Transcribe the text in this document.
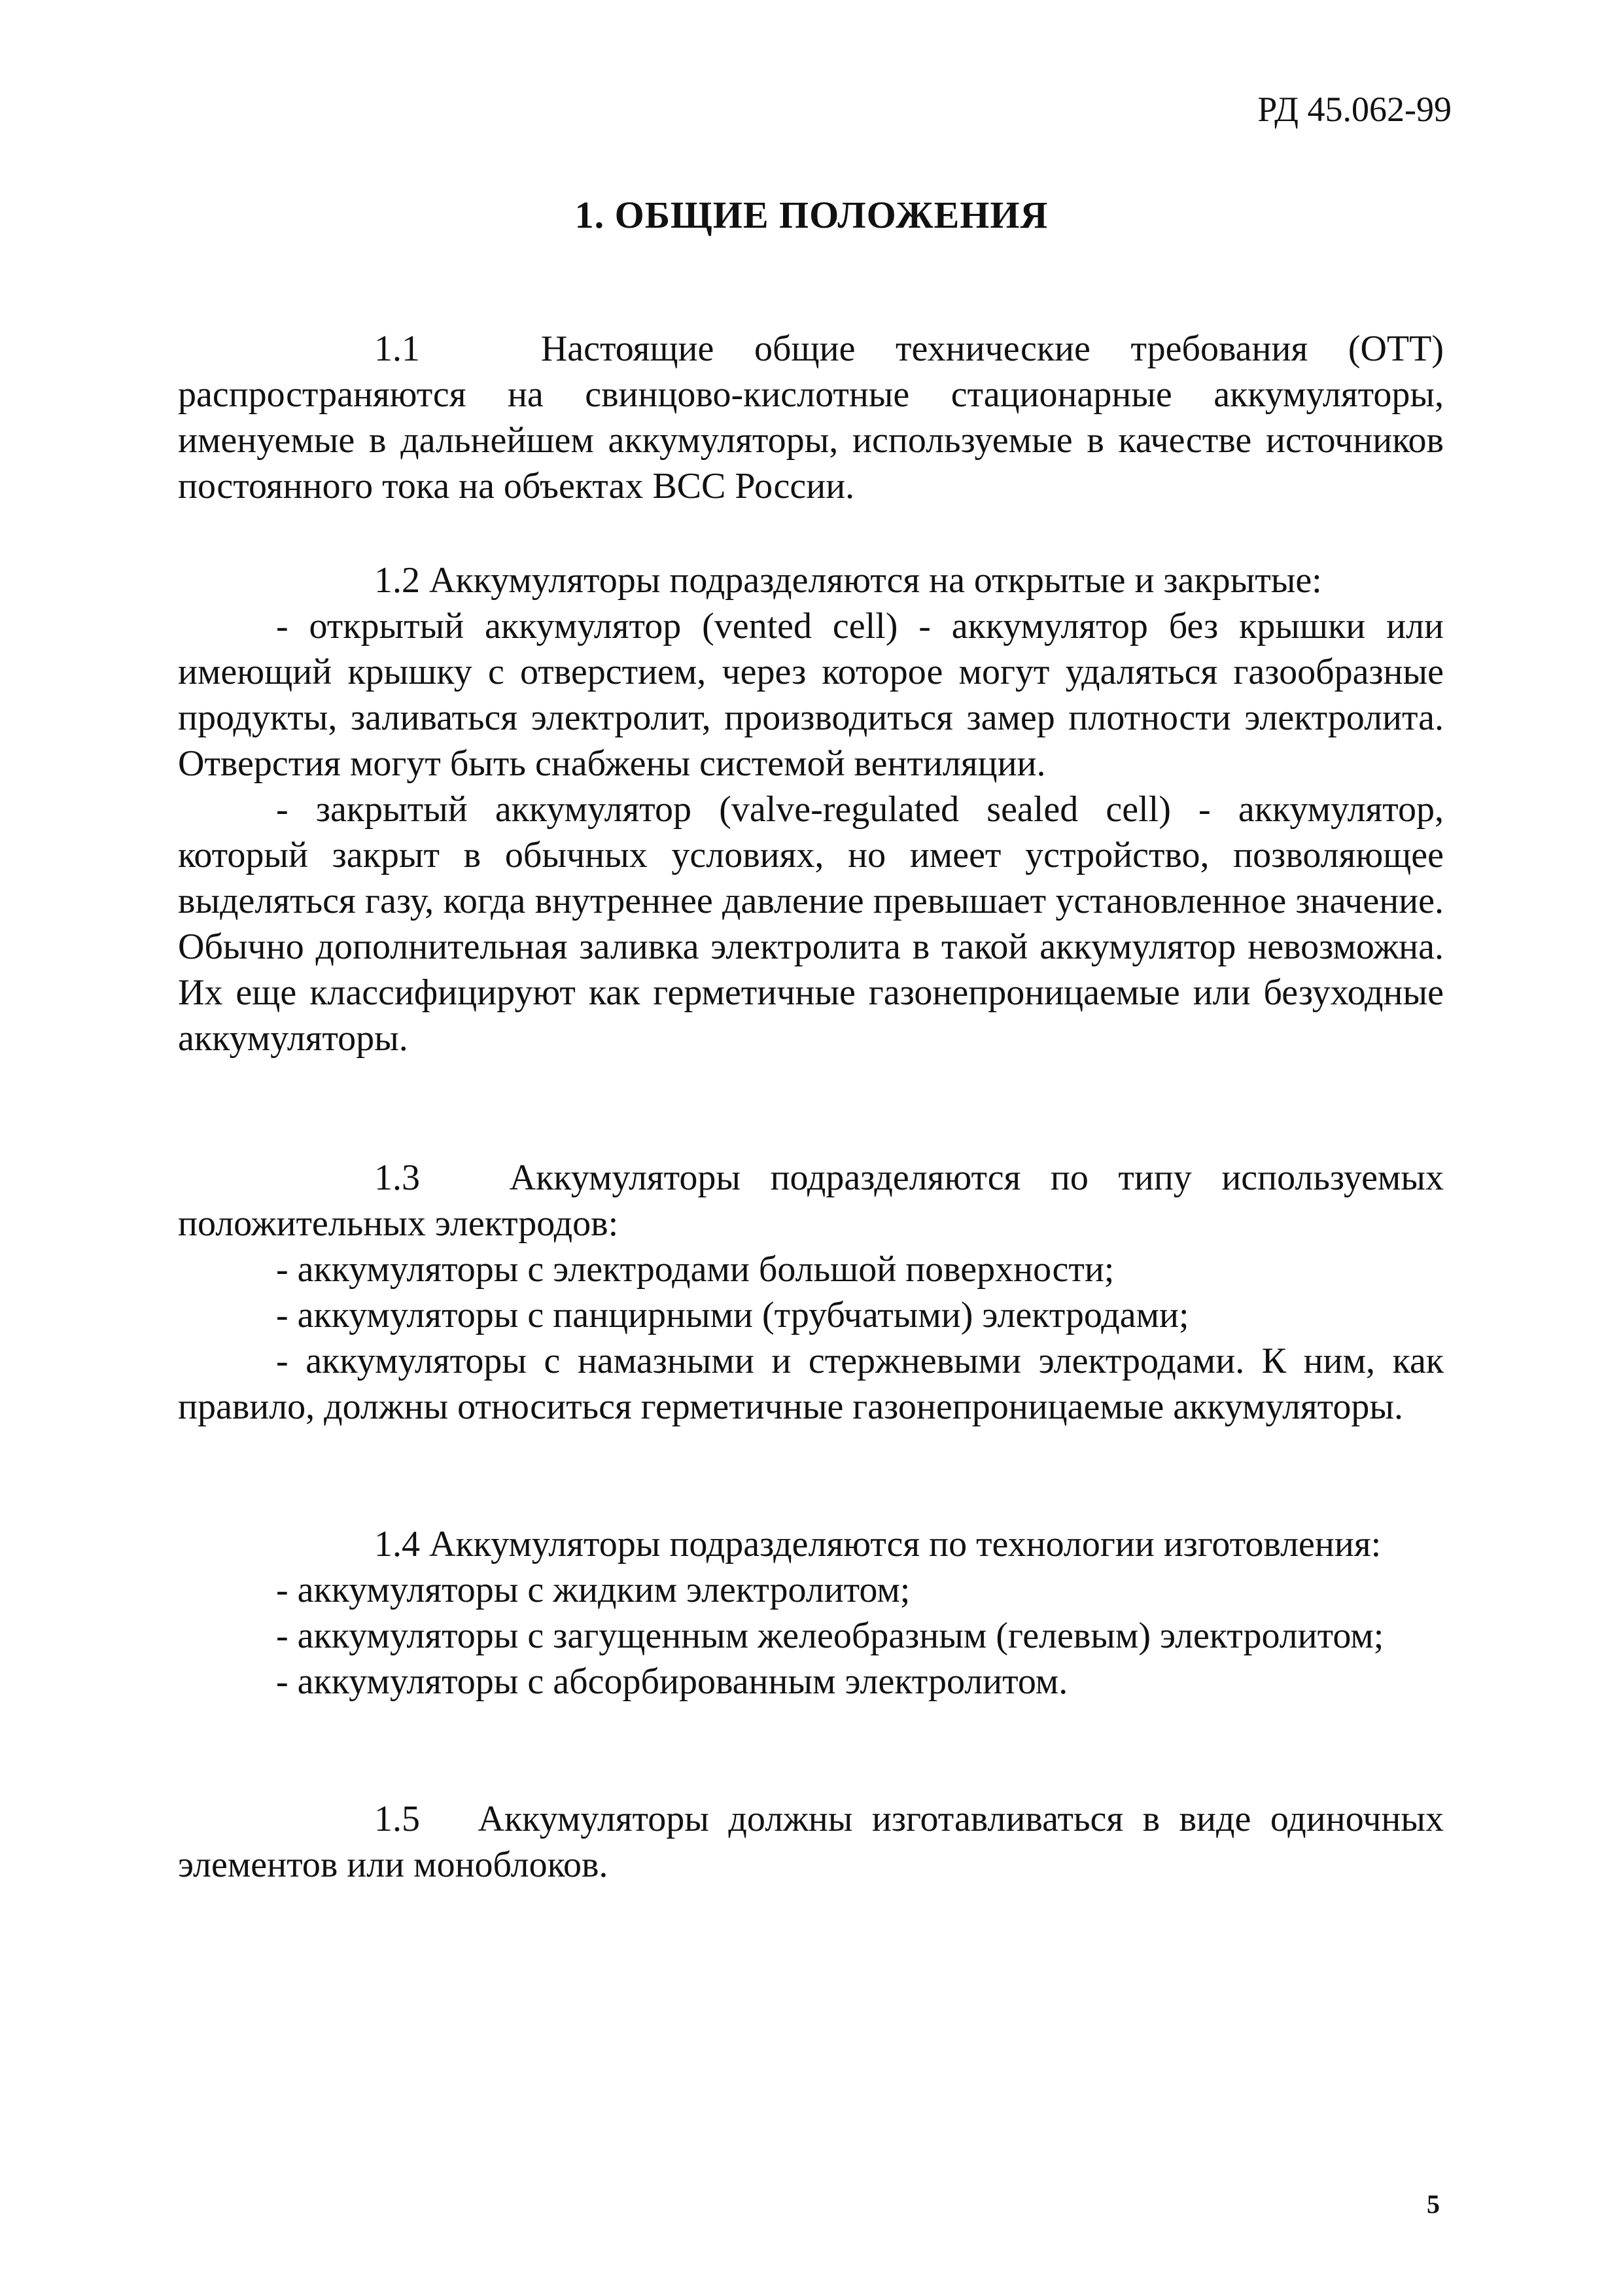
РД 45.062-99
1. ОБЩИЕ ПОЛОЖЕНИЯ

1.1	Настоящие общие технические требования (ОТТ) распространяются на свинцово-кислотные стационарные аккумуляторы, именуемые в дальнейшем аккумуляторы, используемые в качестве источников постоянного тока на объектах ВСС России.

1.2 Аккумуляторы подразделяются на открытые и закрытые:

- открытый аккумулятор (vented cell) - аккумулятор без крышки или имеющий крышку с отверстием, через которое могут удаляться газообразные продукты, заливаться электролит, производиться замер плотности электролита. Отверстия могут быть снабжены системой вентиляции.

- закрытый аккумулятор (valve-regulated sealed cell) - аккумулятор, который закрыт в обычных условиях, но имеет устройство, позволяющее выделяться газу, когда внутреннее давление превышает установленное значение. Обычно дополнительная заливка электролита в такой аккумулятор невозможна. Их еще классифицируют как герметичные газонепроницаемые или безуходные аккумуляторы.

1.3 Аккумуляторы подразделяются по типу используемых положительных электродов:

- аккумуляторы с электродами большой поверхности;

- аккумуляторы с панцирными (трубчатыми) электродами;

- аккумуляторы с намазными и стержневыми электродами. К ним, как правило, должны относиться герметичные газонепроницаемые аккумуляторы.

1.4 Аккумуляторы подразделяются по технологии изготовления:

- аккумуляторы с жидким электролитом;

- аккумуляторы с загущенным желеобразным (гелевым) электролитом;

- аккумуляторы с абсорбированным электролитом.

1.5 Аккумуляторы должны изготавливаться в виде одиночных элементов или моноблоков.

5
